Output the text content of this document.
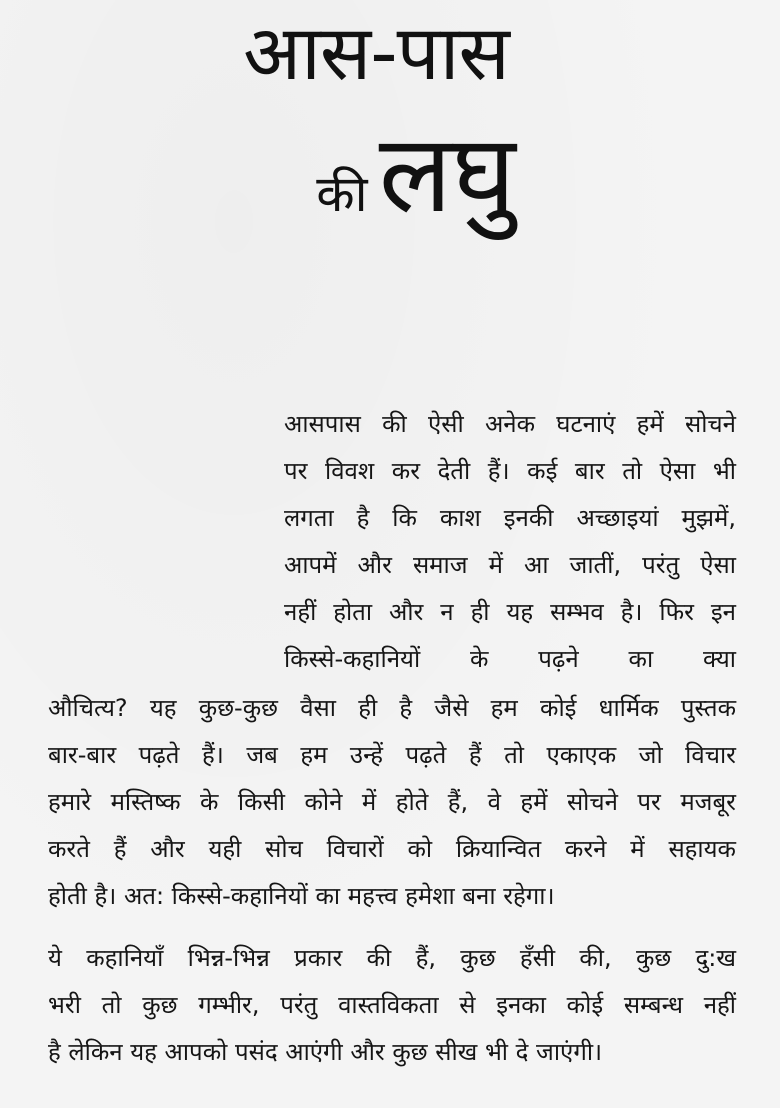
आस-पास
की लघु
आसपास की ऐसी अनेक घटनाएं हमें सोचने
पर विवश कर देती हैं। कई बार तो ऐसा भी
लगता है कि काश इनकी अच्छाइयां मुझमें,
आपमें और समाज में आ जातीं, परंतु ऐसा
नहीं होता और न ही यह सम्भव है। फिर इन
किस्से-कहानियों के पढ़ने का क्या
औचित्य? यह कुछ-कुछ वैसा ही है जैसे हम कोई धार्मिक पुस्तक
बार-बार पढ़ते हैं। जब हम उन्हें पढ़ते हैं तो एकाएक जो विचार
हमारे मस्तिष्क के किसी कोने में होते हैं, वे हमें सोचने पर मजबूर
करते हैं और यही सोच विचारों को क्रियान्वित करने में सहायक
होती है। अत: किस्से-कहानियों का महत्त्व हमेशा बना रहेगा।
ये कहानियाँ भिन्न-भिन्न प्रकार की हैं, कुछ हँसी की, कुछ दु:ख
भरी तो कुछ गम्भीर, परंतु वास्तविकता से इनका कोई सम्बन्ध नहीं
है लेकिन यह आपको पसंद आएंगी और कुछ सीख भी दे जाएंगी।
